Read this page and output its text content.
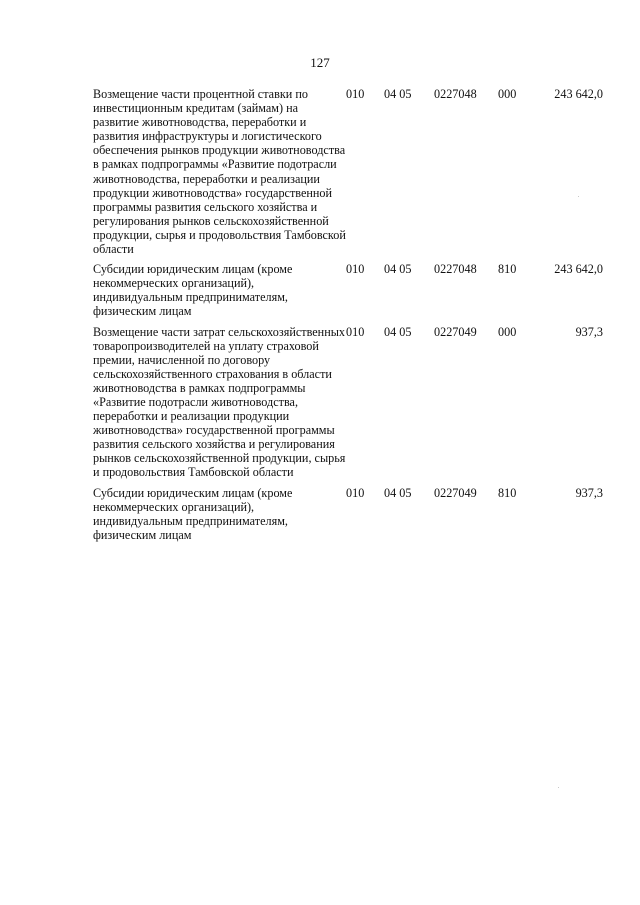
127
Возмещение части процентной ставки по инвестиционным кредитам (займам) на развитие животноводства, переработки и развития инфраструктуры и логистического обеспечения рынков продукции животноводства в рамках подпрограммы «Развитие подотрасли животноводства, переработки и реализации продукции животноводства» государственной программы развития сельского хозяйства и регулирования рынков сельскохозяйственной продукции, сырья и продовольствия Тамбовской области	010	04 05	0227048	000	243 642,0
Субсидии юридическим лицам (кроме некоммерческих организаций), индивидуальным предпринимателям, физическим лицам	010	04 05	0227048	810	243 642,0
Возмещение части затрат сельскохозяйственных товаропроизводителей на уплату страховой премии, начисленной по договору сельскохозяйственного страхования в области животноводства в рамках подпрограммы «Развитие подотрасли животноводства, переработки и реализации продукции животноводства» государственной программы развития сельского хозяйства и регулирования рынков сельскохозяйственной продукции, сырья и продовольствия Тамбовской области	010	04 05	0227049	000	937,3
Субсидии юридическим лицам (кроме некоммерческих организаций), индивидуальным предпринимателям, физическим лицам	010	04 05	0227049	810	937,3
